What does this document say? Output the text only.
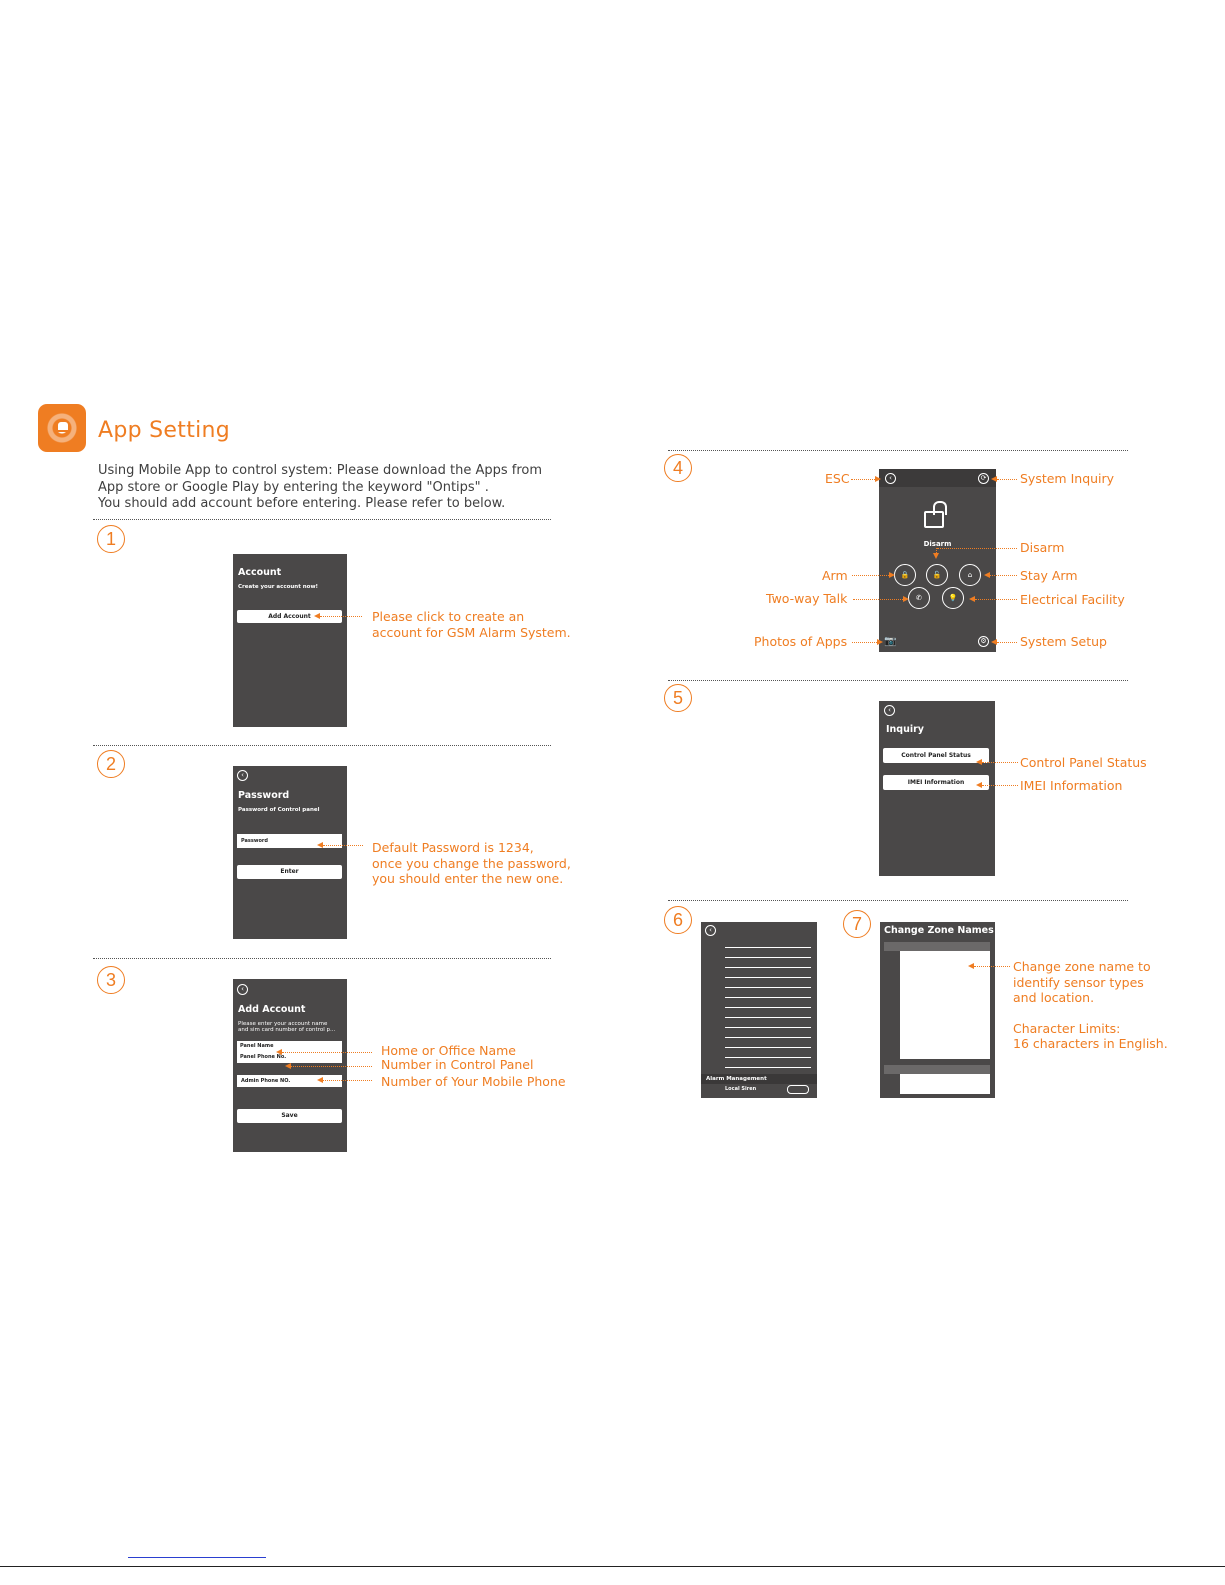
App Setting
Using Mobile App to control system: Please download the Apps from
App store or Google Play by entering the keyword "Ontips" .
You should add account before entering. Please refer to below.
1
Account
Create your account now!
Add Account	Please click to create an
account for GSM Alarm System.
2
‹
Password
Password of Control panel
Password
Enter
Default Password is 1234,
once you change the password,
you should enter the new one.
3	‹
Add Account
Please enter your account name
and sim card number of control p...
Panel Name
Panel Phone No.
Admin Phone NO.
Save
Home or Office Name
Number in Control Panel
Number of Your Mobile Phone
4	‹	⟳
Disarm
🔒	🔓	⌂
✆	💡
📷	⚙
ESC	System Inquiry
Disarm
Arm	Stay Arm
Two-way Talk	Electrical Facility
Photos of Apps	System Setup
5
‹
Inquiry
Control Panel Status
IMEI Information
Control Panel Status
IMEI Information
6	‹
Alarm Management
Local Siren
7	Change Zone Names
Change zone name to
identify sensor types
and location.
Character Limits:
16 characters in English.
